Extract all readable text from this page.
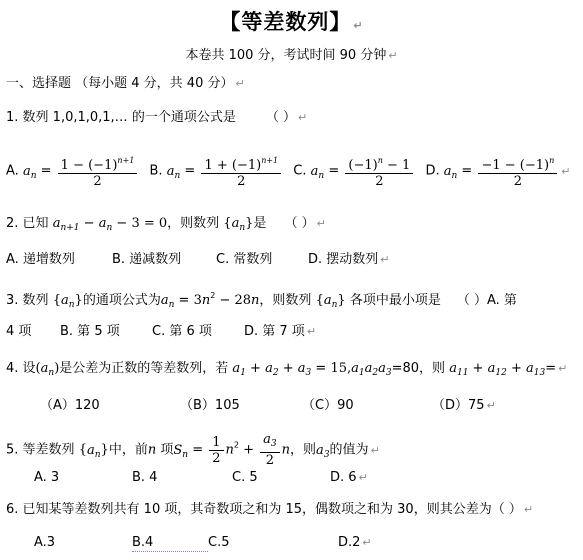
【等差数列】 ↵
本卷共 100 分，考试时间 90 分钟 ↵
一、选择题 （每小题 4 分，共 40 分） ↵
1. 数列 1,0,1,0,1,… 的一个通项公式是 （ ） ↵
A. $a_n = \frac{1 - (-1)^{n+1}}{2} B$. $a_n = \frac{1 + (-1)^{n+1}}{2} C$. $a_n = \frac{(-1)^n - 1}{2} D$. $a_n = \frac{-1 - (-1)^n}{2}$ ↵
2. 已知 $a_{n+1} - a_n - 3 = 0$，则数列 $\{a_n\}$是 （ ） ↵
A. 递增数列	B. 递减数列	C. 常数列	D. 摆动数列 ↵
3. 数列 $\{a_n\}$的通项公式为$a_n = 3n^2 - 28n$，则数列 $\{a_n\}$ 各项中最小项是 （ ）A. 第
4 项 B. 第 5 项 C. 第 6 项 D. 第 7 项 ↵
4. 设$(a_n)$是公差为正数的等差数列，若 $a_1 + a_2 + a_3 = 15,a_1a_2a_3=80$，则 $a_{11} + a_{12} + a_{13}=$ ↵
（A）120	（B）105	（C）90	（D）75 ↵
5. 等差数列 $\{a_n\}$中，前n 项$S_n = \frac{1}{2} n^2 + \frac{a_3}{2}$ n，则$a_3$的值为 ↵
A. 3	B. 4	C. 5	D. 6 ↵
6. 已知某等差数列共有 10 项，其奇数项之和为 15，偶数项之和为 30，则其公差为（ ） ↵
A.3	B.4	C.5	D.2 ↵
